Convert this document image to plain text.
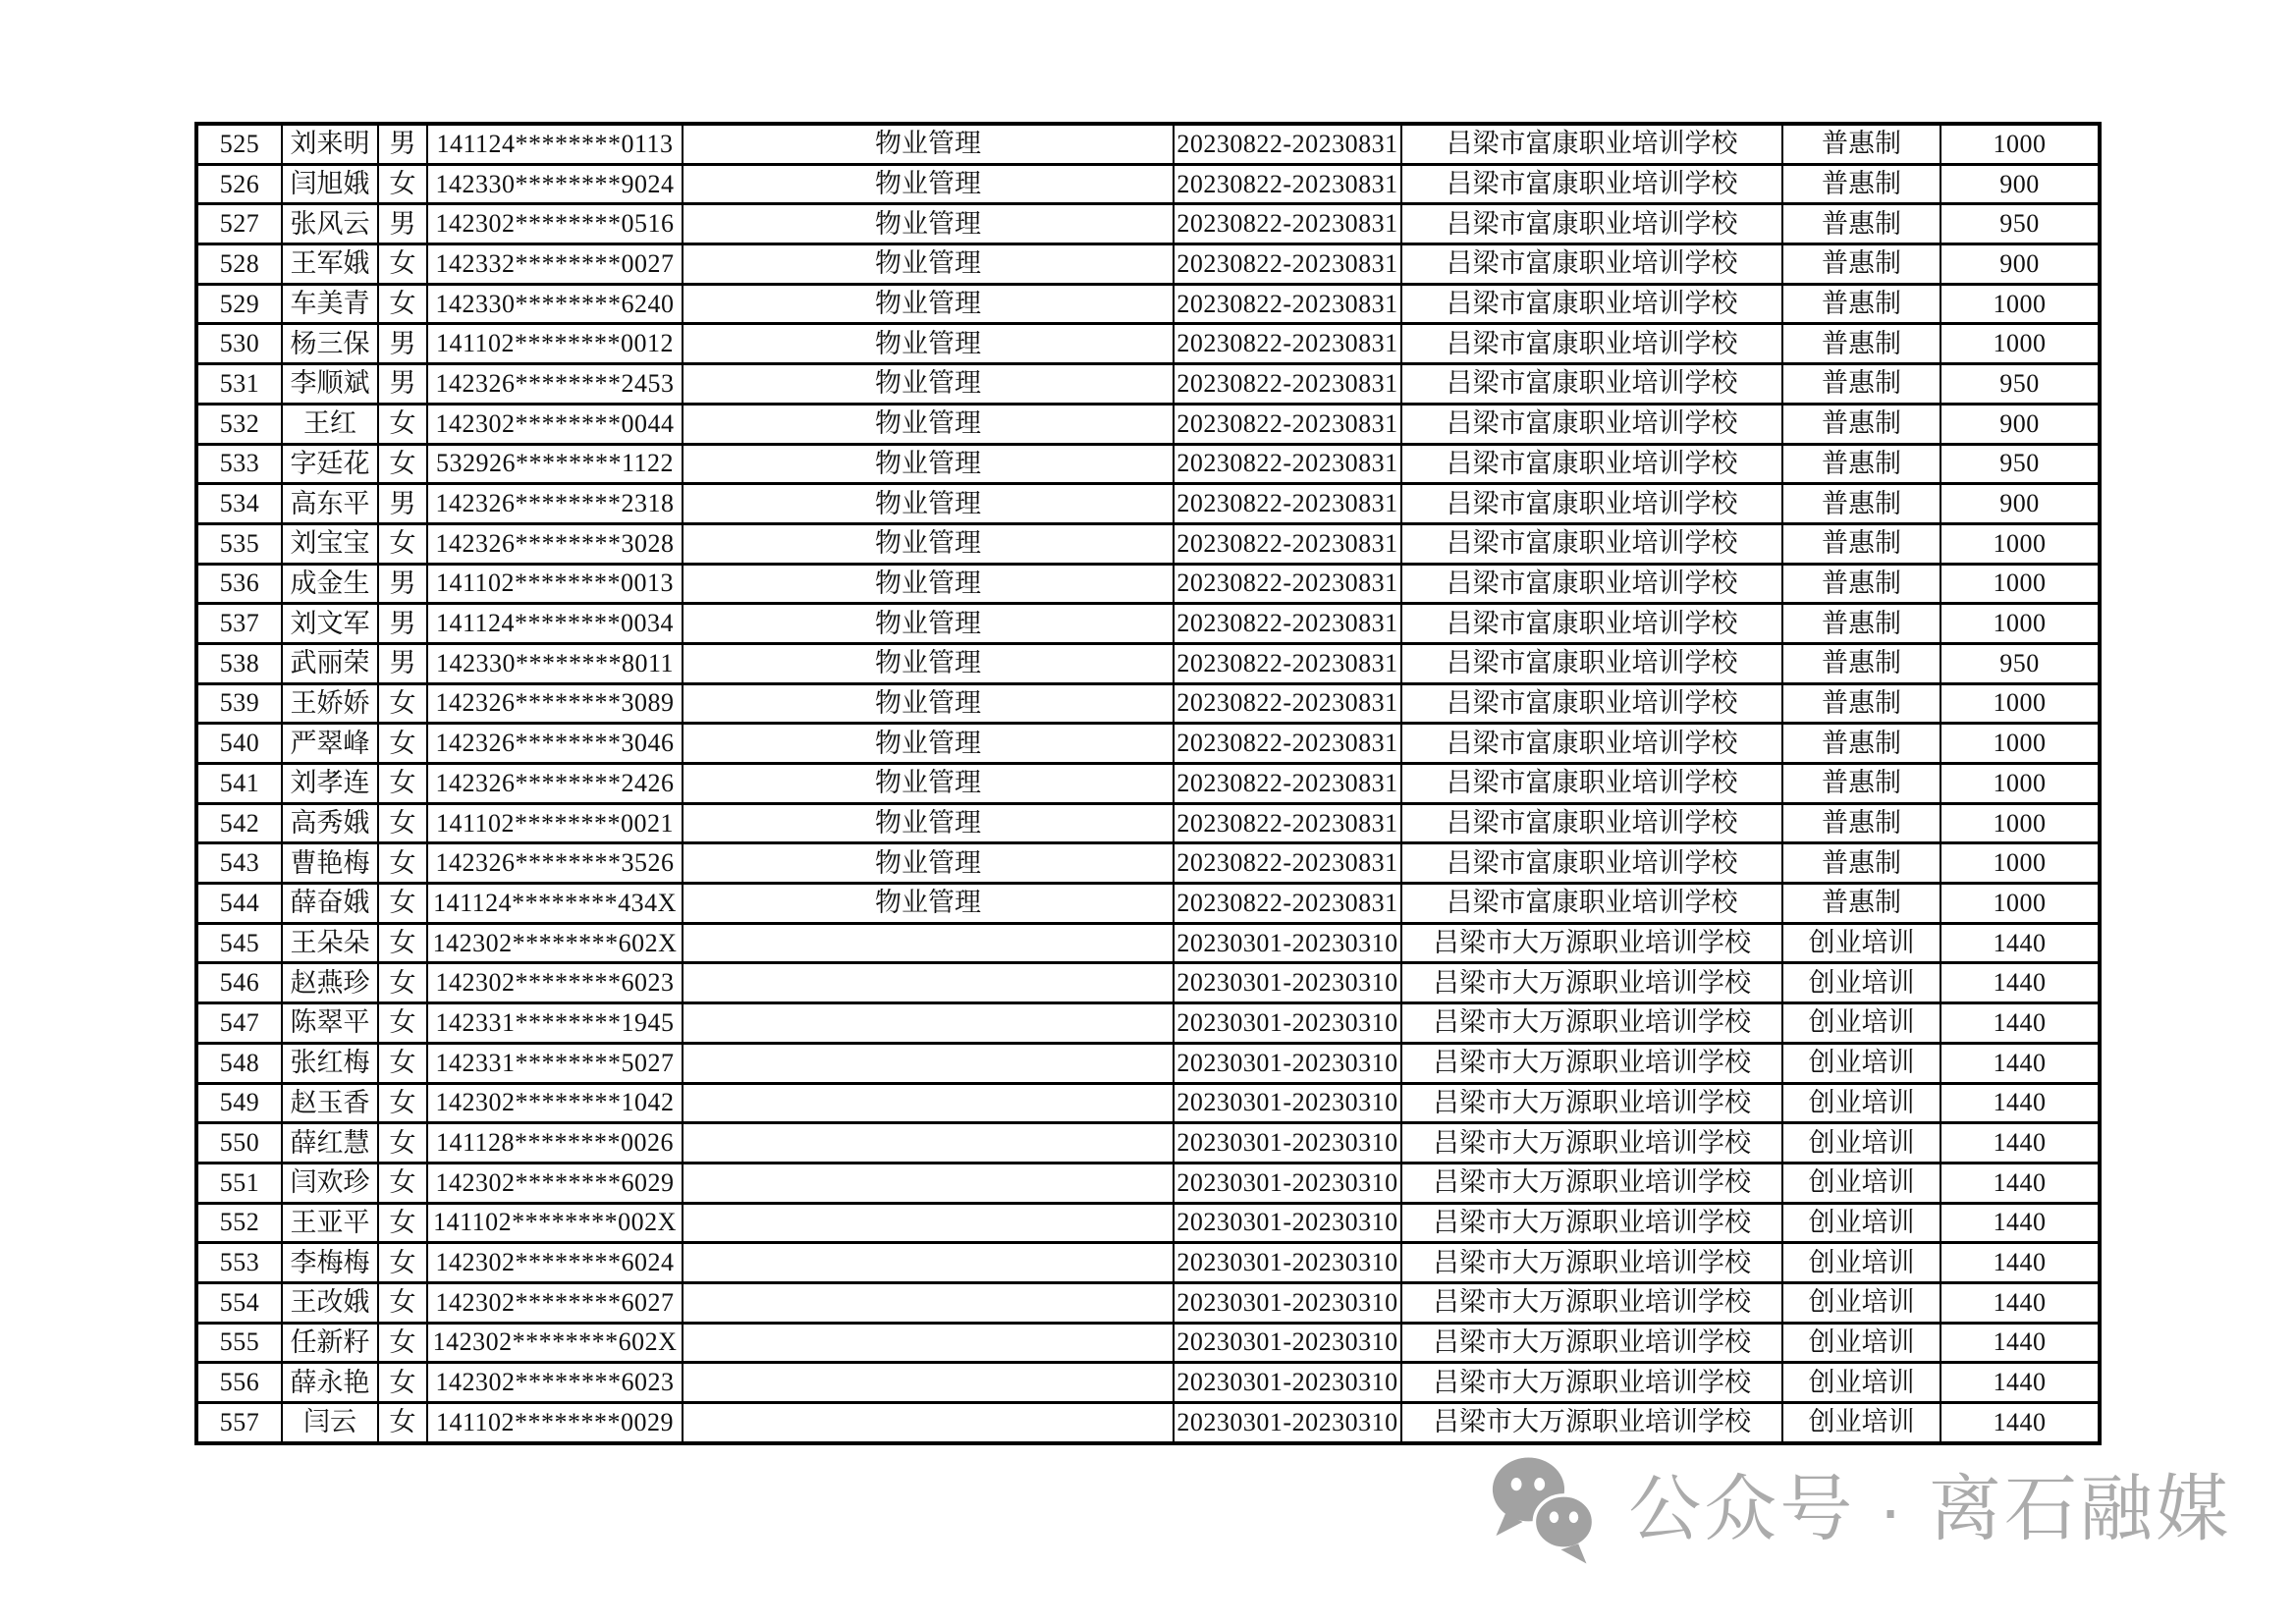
525	刘来明	男	141124********0113	物业管理	20230822-20230831	吕梁市富康职业培训学校	普惠制	1000
526	闫旭娥	女	142330********9024	物业管理	20230822-20230831	吕梁市富康职业培训学校	普惠制	900
527	张风云	男	142302********0516	物业管理	20230822-20230831	吕梁市富康职业培训学校	普惠制	950
528	王军娥	女	142332********0027	物业管理	20230822-20230831	吕梁市富康职业培训学校	普惠制	900
529	车美青	女	142330********6240	物业管理	20230822-20230831	吕梁市富康职业培训学校	普惠制	1000
530	杨三保	男	141102********0012	物业管理	20230822-20230831	吕梁市富康职业培训学校	普惠制	1000
531	李顺斌	男	142326********2453	物业管理	20230822-20230831	吕梁市富康职业培训学校	普惠制	950
532	王红	女	142302********0044	物业管理	20230822-20230831	吕梁市富康职业培训学校	普惠制	900
533	字廷花	女	532926********1122	物业管理	20230822-20230831	吕梁市富康职业培训学校	普惠制	950
534	高东平	男	142326********2318	物业管理	20230822-20230831	吕梁市富康职业培训学校	普惠制	900
535	刘宝宝	女	142326********3028	物业管理	20230822-20230831	吕梁市富康职业培训学校	普惠制	1000
536	成金生	男	141102********0013	物业管理	20230822-20230831	吕梁市富康职业培训学校	普惠制	1000
537	刘文军	男	141124********0034	物业管理	20230822-20230831	吕梁市富康职业培训学校	普惠制	1000
538	武丽荣	男	142330********8011	物业管理	20230822-20230831	吕梁市富康职业培训学校	普惠制	950
539	王娇娇	女	142326********3089	物业管理	20230822-20230831	吕梁市富康职业培训学校	普惠制	1000
540	严翠峰	女	142326********3046	物业管理	20230822-20230831	吕梁市富康职业培训学校	普惠制	1000
541	刘孝连	女	142326********2426	物业管理	20230822-20230831	吕梁市富康职业培训学校	普惠制	1000
542	高秀娥	女	141102********0021	物业管理	20230822-20230831	吕梁市富康职业培训学校	普惠制	1000
543	曹艳梅	女	142326********3526	物业管理	20230822-20230831	吕梁市富康职业培训学校	普惠制	1000
544	薛奋娥	女	141124********434X	物业管理	20230822-20230831	吕梁市富康职业培训学校	普惠制	1000
545	王朵朵	女	142302********602X		20230301-20230310	吕梁市大万源职业培训学校	创业培训	1440
546	赵燕珍	女	142302********6023		20230301-20230310	吕梁市大万源职业培训学校	创业培训	1440
547	陈翠平	女	142331********1945		20230301-20230310	吕梁市大万源职业培训学校	创业培训	1440
548	张红梅	女	142331********5027		20230301-20230310	吕梁市大万源职业培训学校	创业培训	1440
549	赵玉香	女	142302********1042		20230301-20230310	吕梁市大万源职业培训学校	创业培训	1440
550	薛红慧	女	141128********0026		20230301-20230310	吕梁市大万源职业培训学校	创业培训	1440
551	闫欢珍	女	142302********6029		20230301-20230310	吕梁市大万源职业培训学校	创业培训	1440
552	王亚平	女	141102********002X		20230301-20230310	吕梁市大万源职业培训学校	创业培训	1440
553	李梅梅	女	142302********6024		20230301-20230310	吕梁市大万源职业培训学校	创业培训	1440
554	王改娥	女	142302********6027		20230301-20230310	吕梁市大万源职业培训学校	创业培训	1440
555	任新籽	女	142302********602X		20230301-20230310	吕梁市大万源职业培训学校	创业培训	1440
556	薛永艳	女	142302********6023		20230301-20230310	吕梁市大万源职业培训学校	创业培训	1440
557	闫云	女	141102********0029		20230301-20230310	吕梁市大万源职业培训学校	创业培训	1440
公众号 · 离石融媒
